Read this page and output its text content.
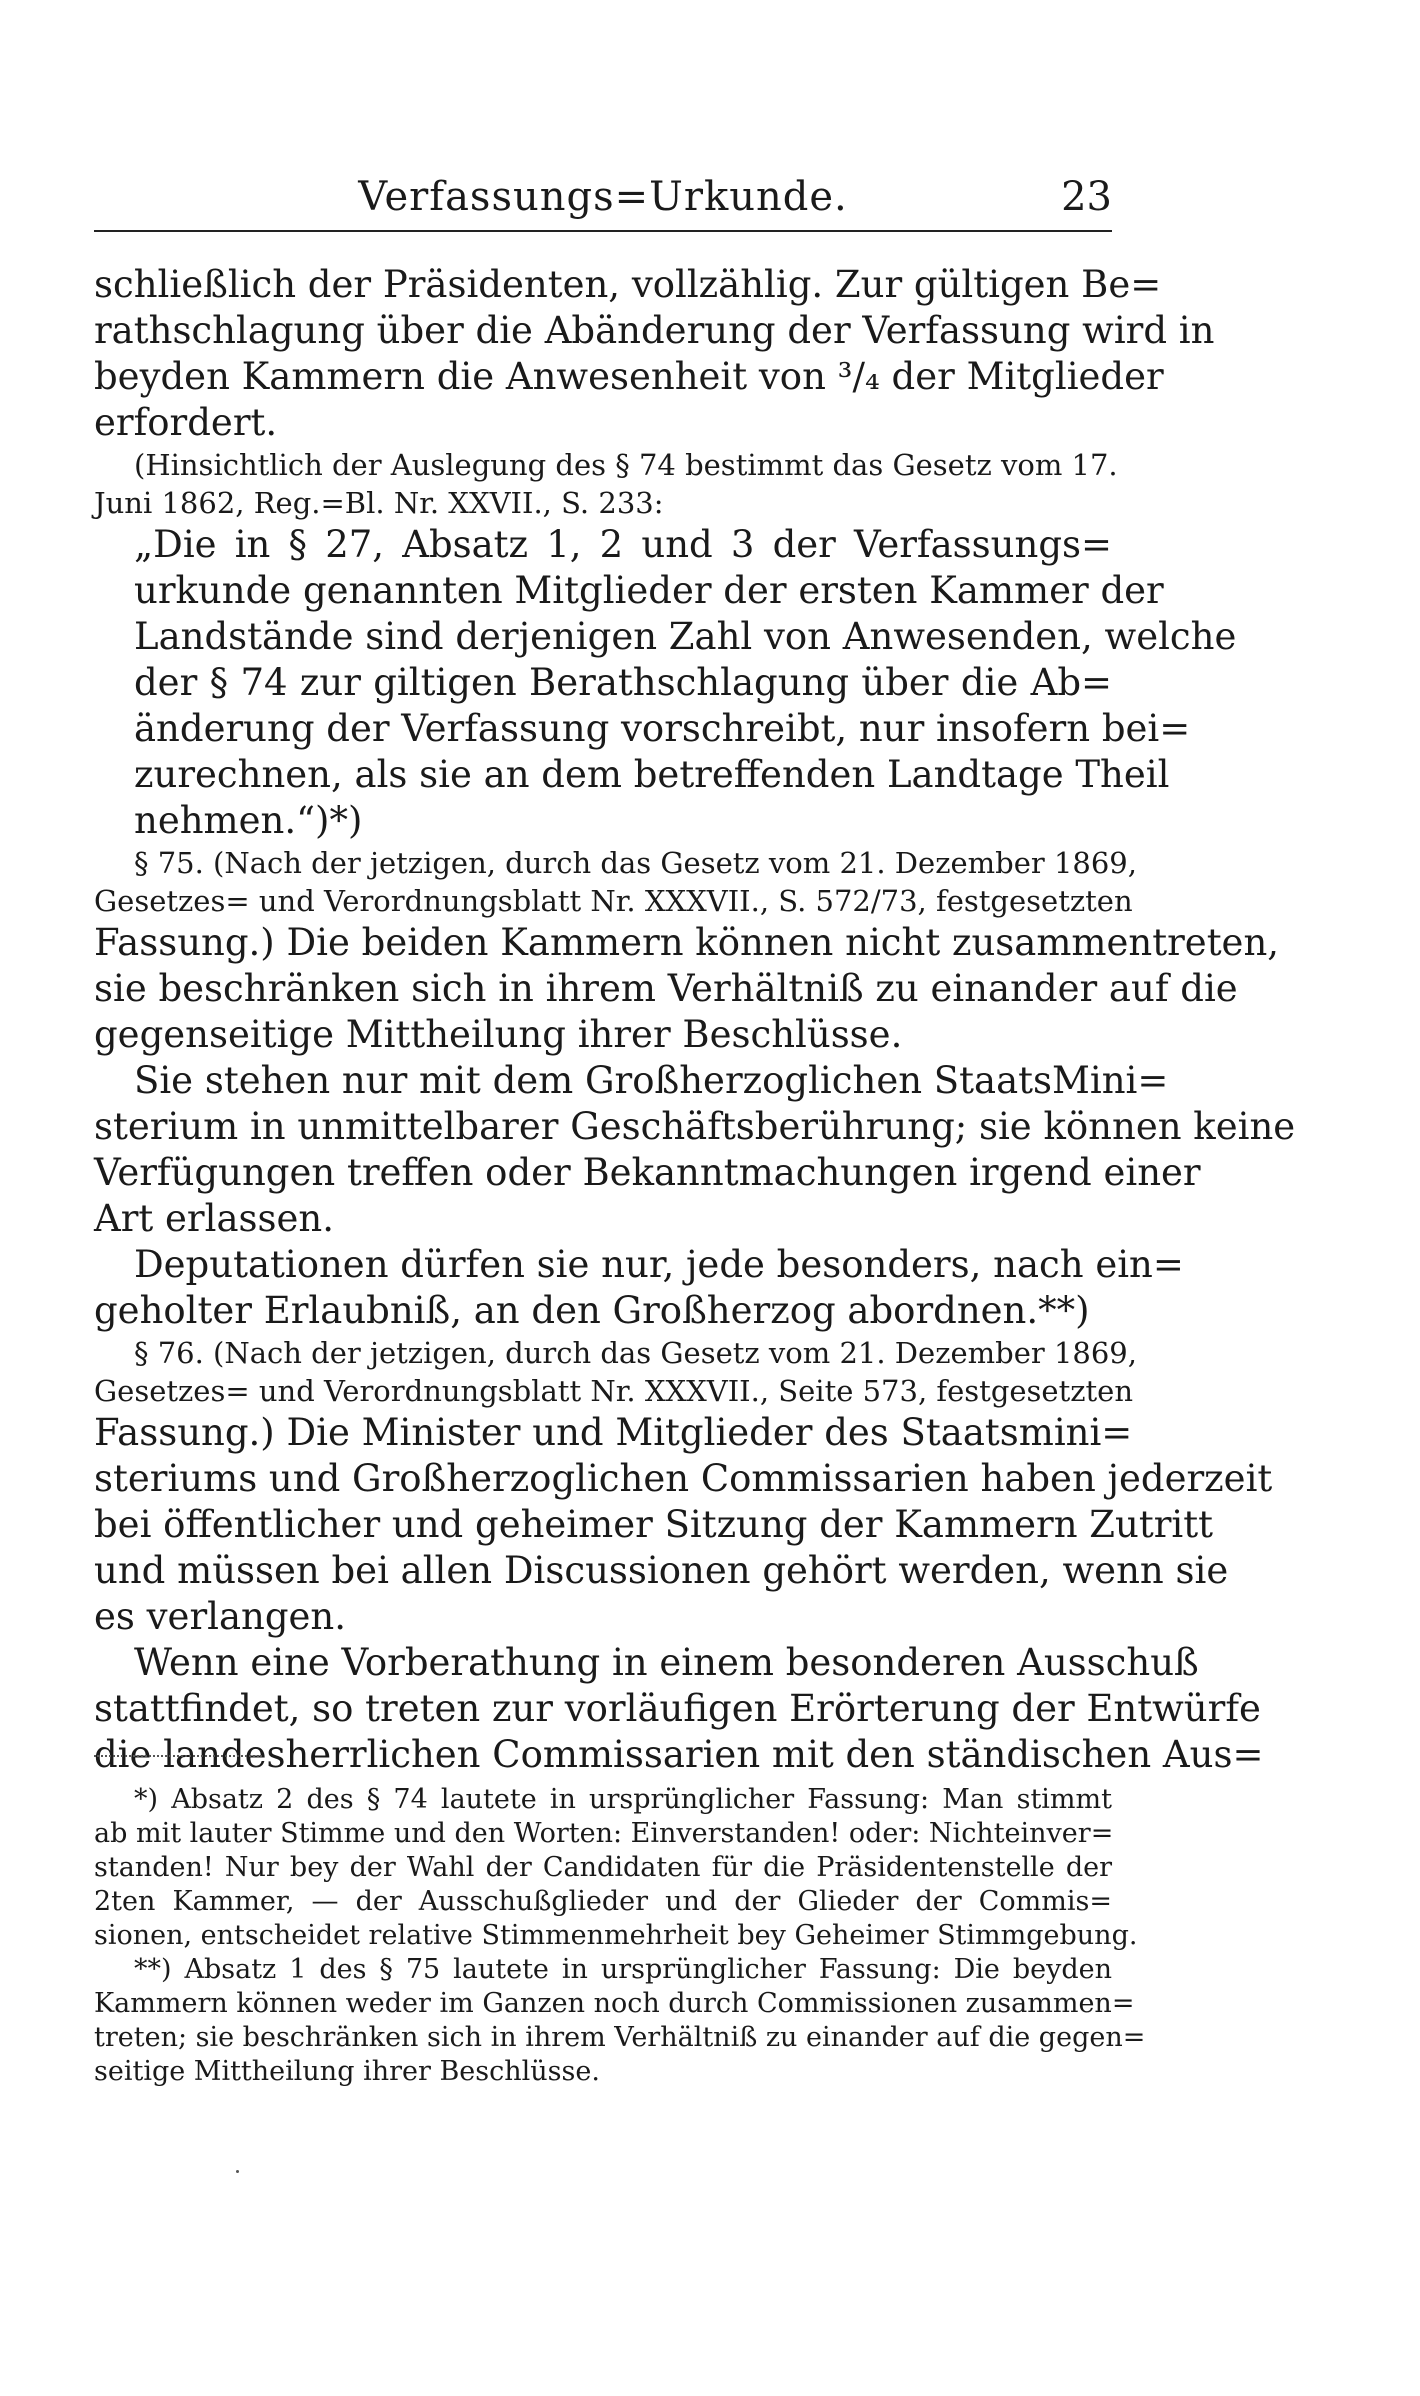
Verfassungs=Urkunde.	23
schließlich der Präsidenten, vollzählig. Zur gültigen Be=
rathschlagung über die Abänderung der Verfassung wird in
beyden Kammern die Anwesenheit von ³/₄ der Mitglieder
erfordert.
(Hinsichtlich der Auslegung des § 74 bestimmt das Gesetz vom 17.
Juni 1862, Reg.=Bl. Nr. XXVII., S. 233:
„Die in § 27, Absatz 1, 2 und 3 der Verfassungs=
urkunde genannten Mitglieder der ersten Kammer der
Landstände sind derjenigen Zahl von Anwesenden, welche
der § 74 zur giltigen Berathschlagung über die Ab=
änderung der Verfassung vorschreibt, nur insofern bei=
zurechnen, als sie an dem betreffenden Landtage Theil
nehmen.“)*)
§ 75. (Nach der jetzigen, durch das Gesetz vom 21. Dezember 1869,
Gesetzes= und Verordnungsblatt Nr. XXXVII., S. 572/73, festgesetzten
Fassung.) Die beiden Kammern können nicht zusammentreten,
sie beschränken sich in ihrem Verhältniß zu einander auf die
gegenseitige Mittheilung ihrer Beschlüsse.
Sie stehen nur mit dem Großherzoglichen StaatsMini=
sterium in unmittelbarer Geschäftsberührung; sie können keine
Verfügungen treffen oder Bekanntmachungen irgend einer
Art erlassen.
Deputationen dürfen sie nur, jede besonders, nach ein=
geholter Erlaubniß, an den Großherzog abordnen.**)
§ 76. (Nach der jetzigen, durch das Gesetz vom 21. Dezember 1869,
Gesetzes= und Verordnungsblatt Nr. XXXVII., Seite 573, festgesetzten
Fassung.) Die Minister und Mitglieder des Staatsmini=
steriums und Großherzoglichen Commissarien haben jederzeit
bei öffentlicher und geheimer Sitzung der Kammern Zutritt
und müssen bei allen Discussionen gehört werden, wenn sie
es verlangen.
Wenn eine Vorberathung in einem besonderen Ausschuß
stattfindet, so treten zur vorläufigen Erörterung der Entwürfe
die landesherrlichen Commissarien mit den ständischen Aus=
*) Absatz 2 des § 74 lautete in ursprünglicher Fassung: Man stimmt
ab mit lauter Stimme und den Worten: Einverstanden! oder: Nichteinver=
standen! Nur bey der Wahl der Candidaten für die Präsidentenstelle der
2ten Kammer, — der Ausschußglieder und der Glieder der Commis=
sionen, entscheidet relative Stimmenmehrheit bey Geheimer Stimmgebung.
**) Absatz 1 des § 75 lautete in ursprünglicher Fassung: Die beyden
Kammern können weder im Ganzen noch durch Commissionen zusammen=
treten; sie beschränken sich in ihrem Verhältniß zu einander auf die gegen=
seitige Mittheilung ihrer Beschlüsse.
